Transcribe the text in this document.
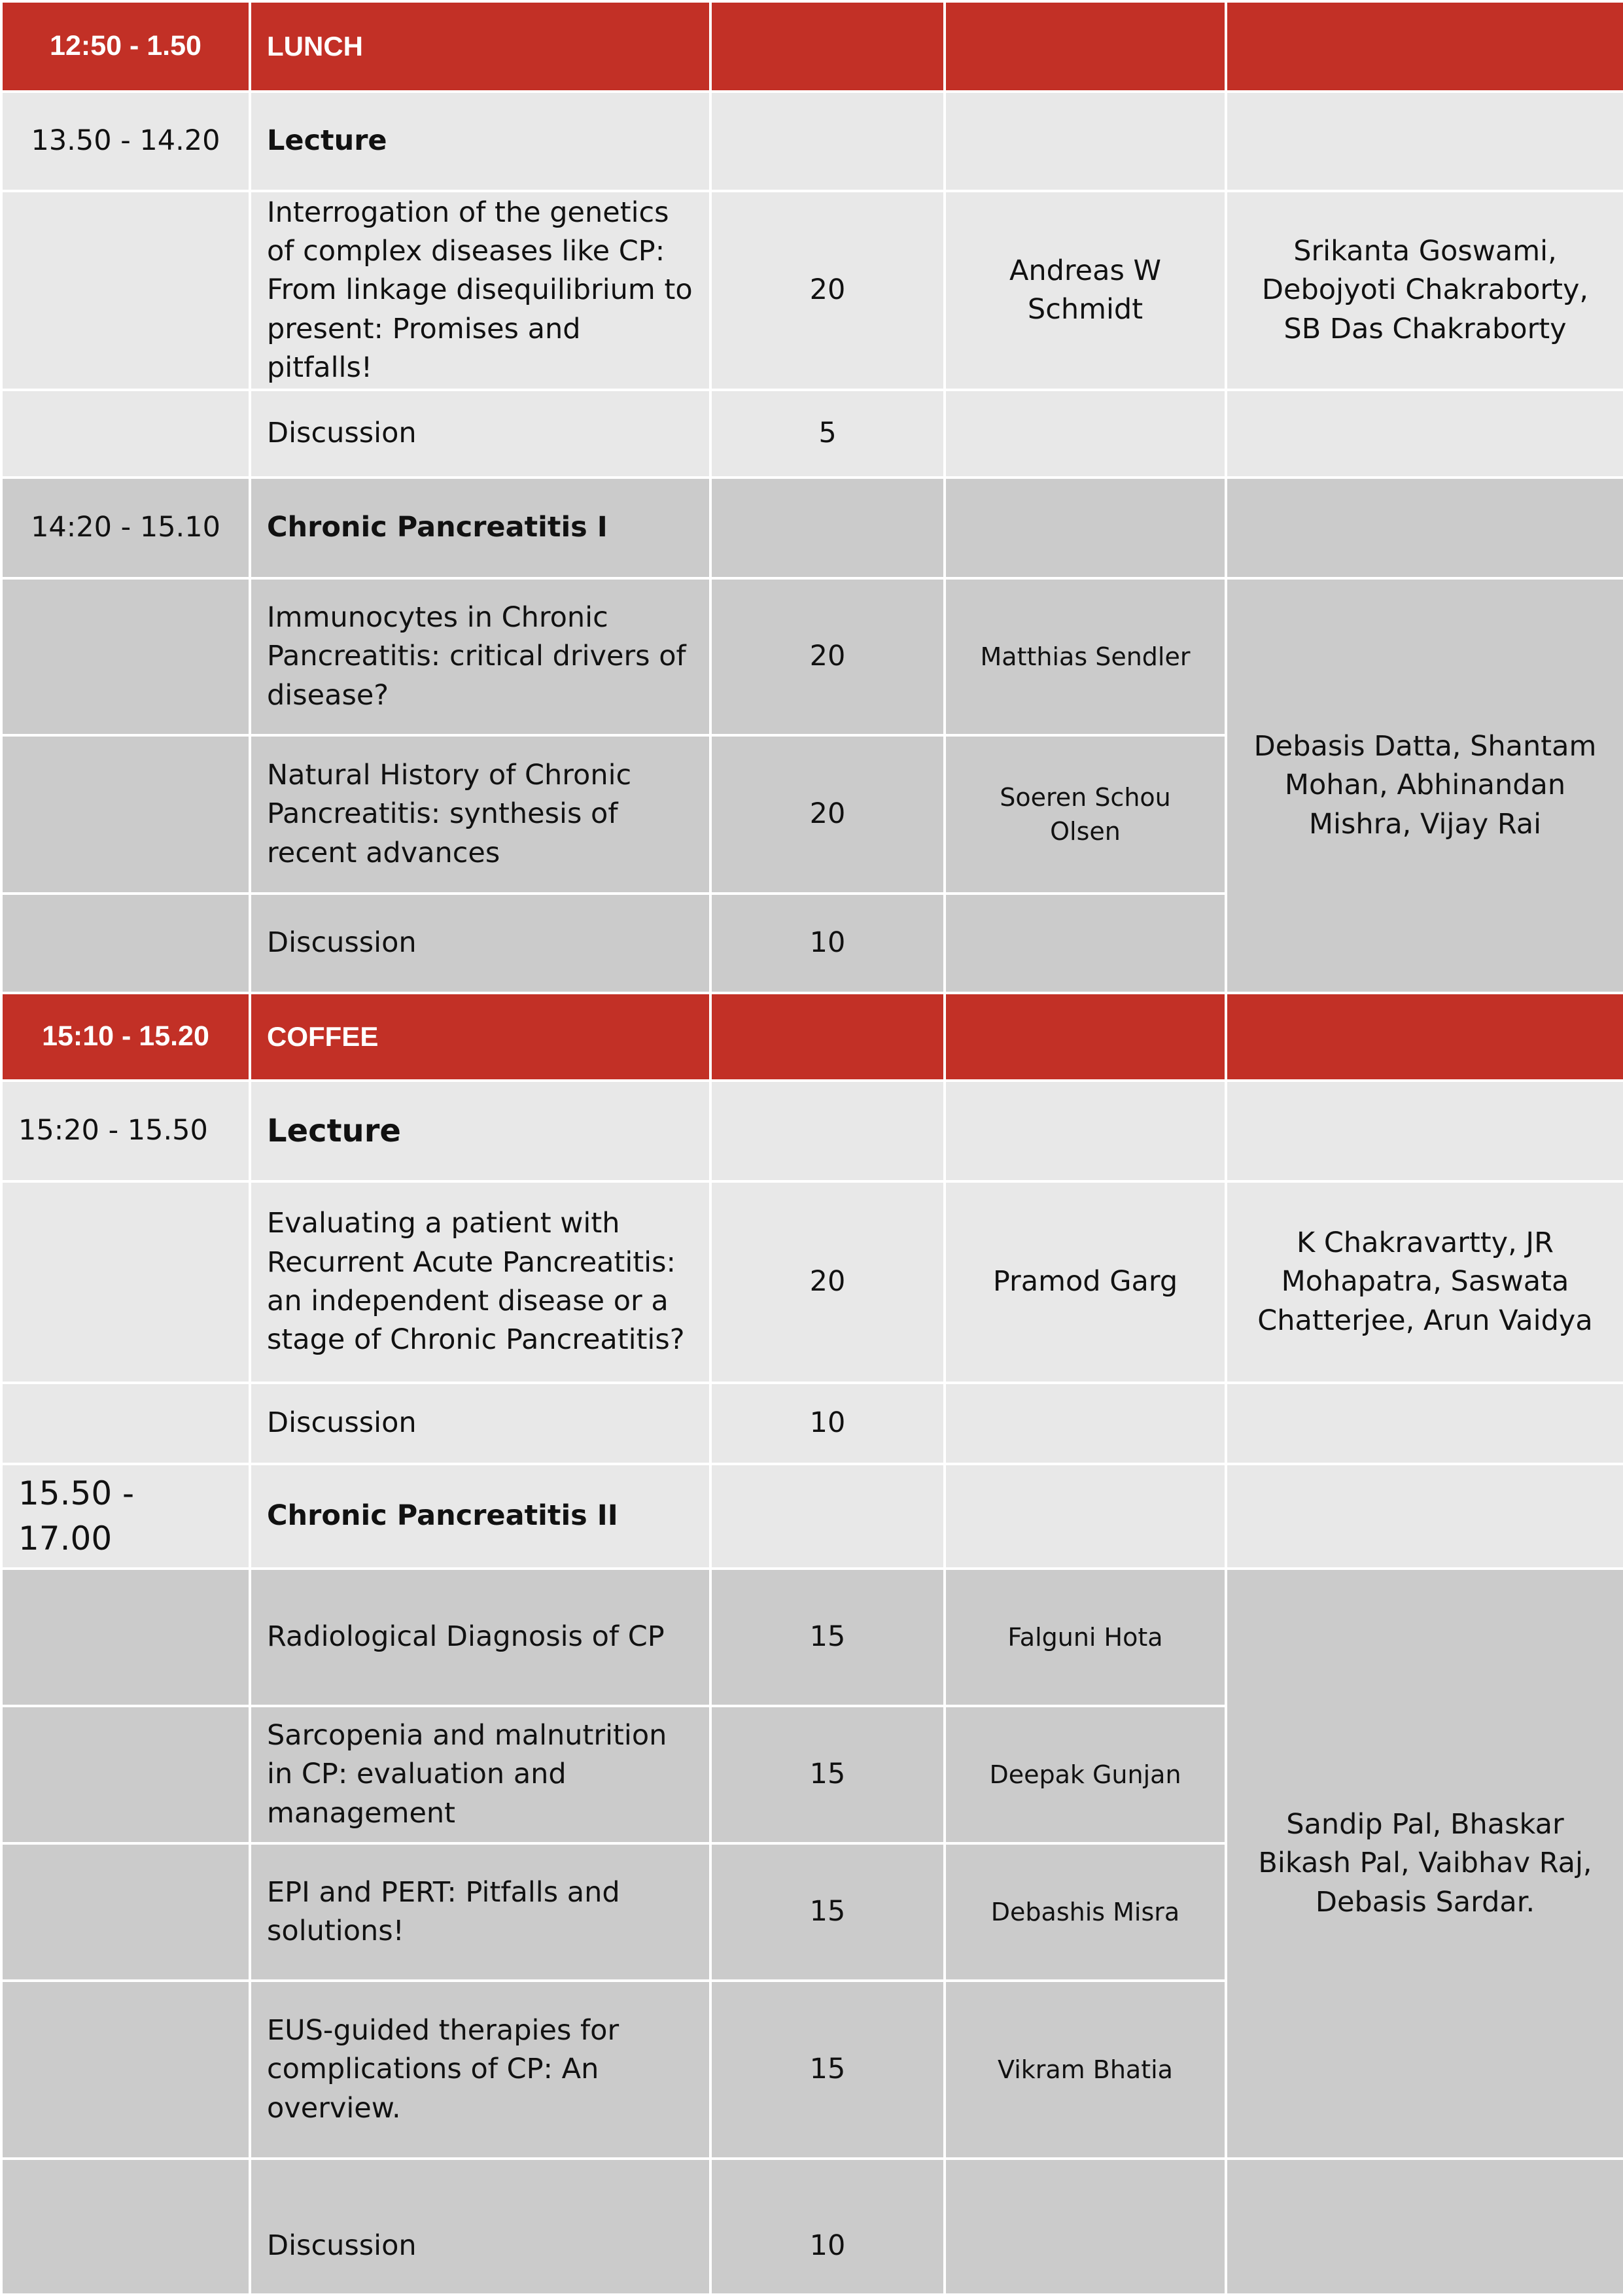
12:50 - 1.50	LUNCH			
13.50 - 14.20	Lecture			
	Interrogation of the genetics of complex diseases like CP: From linkage disequilibrium to present: Promises and pitfalls!	20	Andreas W Schmidt	Srikanta Goswami, Debojyoti Chakraborty, SB Das Chakraborty
	Discussion	5		
14:20 - 15.10	Chronic Pancreatitis I			
	Immunocytes in Chronic Pancreatitis: critical drivers of disease?	20	Matthias Sendler	Debasis Datta, Shantam Mohan, Abhinandan Mishra, Vijay Rai
	Natural History of Chronic Pancreatitis: synthesis of recent advances	20	Soeren Schou Olsen	
	Discussion	10		
15:10 - 15.20	COFFEE			
15:20 - 15.50	Lecture			
	Evaluating a patient with Recurrent Acute Pancreatitis: an independent disease or a stage of Chronic Pancreatitis?	20	Pramod Garg	K Chakravartty, JR Mohapatra, Saswata Chatterjee, Arun Vaidya
	Discussion	10		
15.50 - 17.00	Chronic Pancreatitis II			
	Radiological Diagnosis of CP	15	Falguni Hota	Sandip Pal, Bhaskar Bikash Pal, Vaibhav Raj, Debasis Sardar.
	Sarcopenia and malnutrition in CP: evaluation and management	15	Deepak Gunjan	
	EPI and PERT: Pitfalls and solutions!	15	Debashis Misra	
	EUS-guided therapies for complications of CP: An overview.	15	Vikram Bhatia	
	Discussion	10		
